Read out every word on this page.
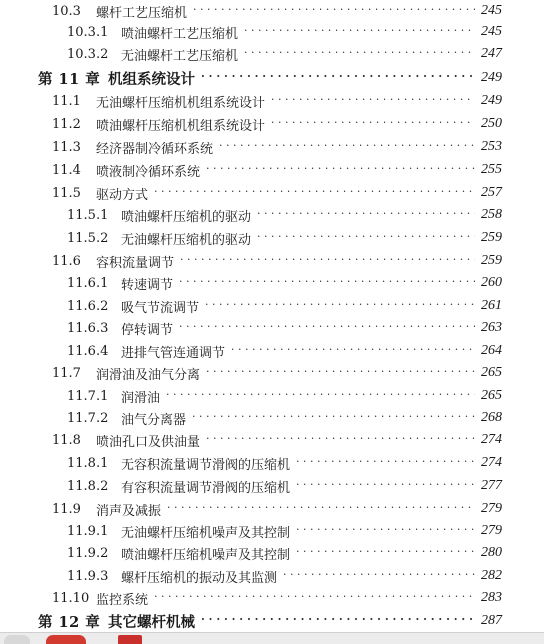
10.3	螺杆工艺压缩机 · · ·	245
10.3.1 喷油螺杆工艺压缩机 · · ·	245
10.3.2 无油螺杆工艺压缩机 · · ·	247
第 11 章 机组系统设计 · · ·	249
11.1	无油螺杆压缩机机组系统设计 · · ·	249
11.2	喷油螺杆压缩机机组系统设计 · · ·	250
11.3	经济器制冷循环系统 · · ·	253
11.4	喷液制冷循环系统 · · ·	255
11.5	驱动方式 · · ·	257
11.5.1 喷油螺杆压缩机的驱动 · · ·	258
11.5.2 无油螺杆压缩机的驱动 · · ·	259
11.6	容积流量调节 · · ·	259
11.6.1 转速调节 · · ·	260
11.6.2 吸气节流调节 · · ·	261
11.6.3 停转调节 · · ·	263
11.6.4 进排气管连通调节 · · ·	264
11.7	润滑油及油气分离 · · ·	265
11.7.1 润滑油 · · ·	265
11.7.2 油气分离器 · · ·	268
11.8	喷油孔口及供油量 · · ·	274
11.8.1 无容积流量调节滑阀的压缩机 · · ·	274
11.8.2 有容积流量调节滑阀的压缩机 · · ·	277
11.9	消声及减振 · · ·	279
11.9.1 无油螺杆压缩机噪声及其控制 · · ·	279
11.9.2 喷油螺杆压缩机噪声及其控制 · · ·	280
11.9.3 螺杆压缩机的振动及其监测 · · ·	282
11.10 监控系统 · · ·	283
第 12 章 其它螺杆机械 · · ·	287
